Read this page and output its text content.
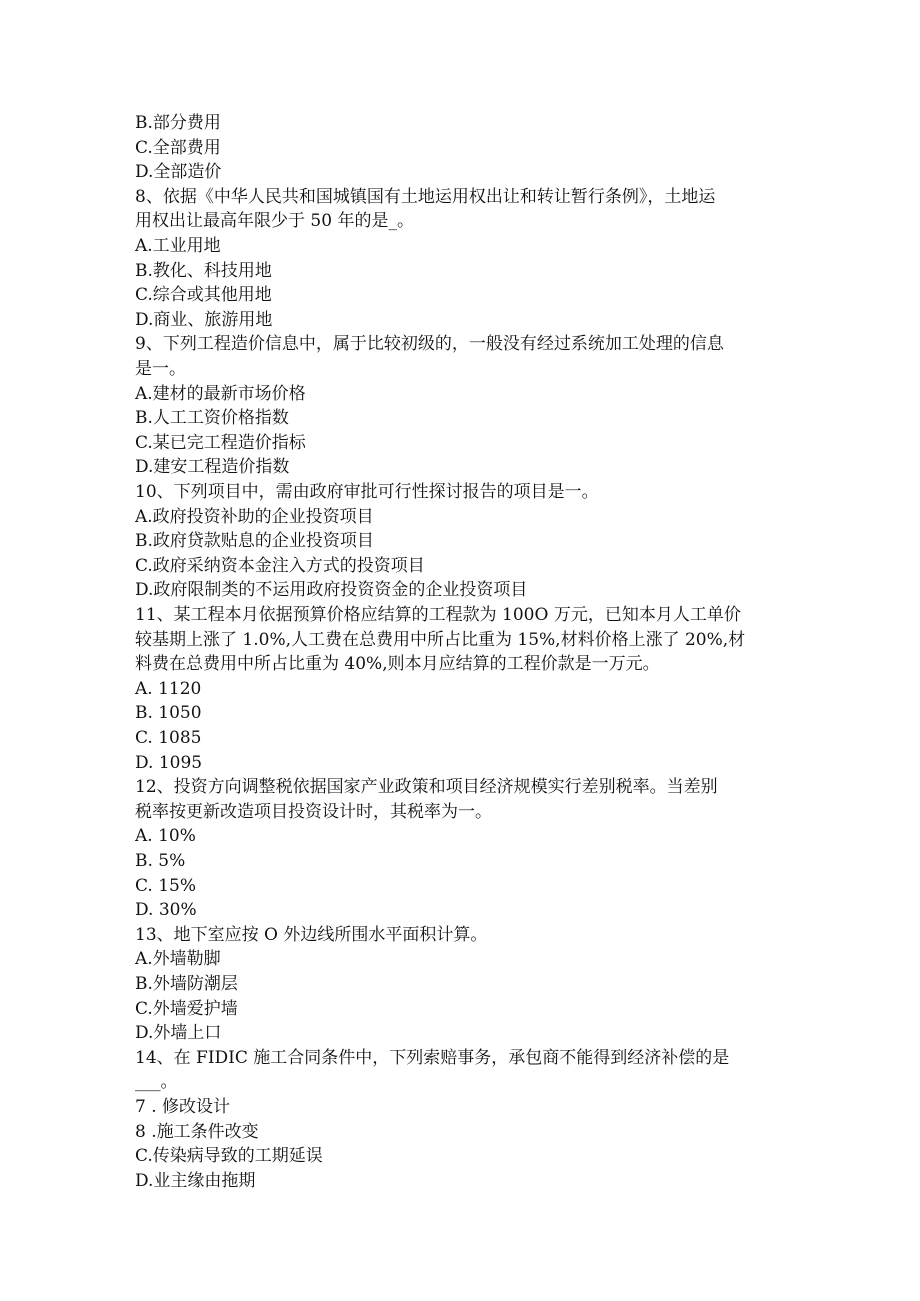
B.部分费用
C.全部费用
D.全部造价
8、依据《中华人民共和国城镇国有土地运用权出让和转让暂行条例》，土地运
用权出让最高年限少于 50 年的是_。
A.工业用地
B.教化、科技用地
C.综合或其他用地
D.商业、旅游用地
9、下列工程造价信息中，属于比较初级的，一般没有经过系统加工处理的信息
是一。
A.建材的最新市场价格
B.人工工资价格指数
C.某已完工程造价指标
D.建安工程造价指数
10、下列项目中，需由政府审批可行性探讨报告的项目是一。
A.政府投资补助的企业投资项目
B.政府贷款贴息的企业投资项目
C.政府采纳资本金注入方式的投资项目
D.政府限制类的不运用政府投资资金的企业投资项目
11、某工程本月依据预算价格应结算的工程款为 100O 万元，已知本月人工单价
较基期上涨了 1.0%,人工费在总费用中所占比重为 15%,材料价格上涨了 20%,材
料费在总费用中所占比重为 40%,则本月应结算的工程价款是一万元。
A. 1120
B. 1050
C. 1085
D. 1095
12、投资方向调整税依据国家产业政策和项目经济规模实行差别税率。当差别
税率按更新改造项目投资设计时，其税率为一。
A. 10%
B. 5%
C. 15%
D. 30%
13、地下室应按 O 外边线所围水平面积计算。
A.外墙勒脚
B.外墙防潮层
C.外墙爱护墙
D.外墙上口
14、在 FIDIC 施工合同条件中，下列索赔事务，承包商不能得到经济补偿的是
___。
7 . 修改设计
8 .施工条件改变
C.传染病导致的工期延误
D.业主缘由拖期
